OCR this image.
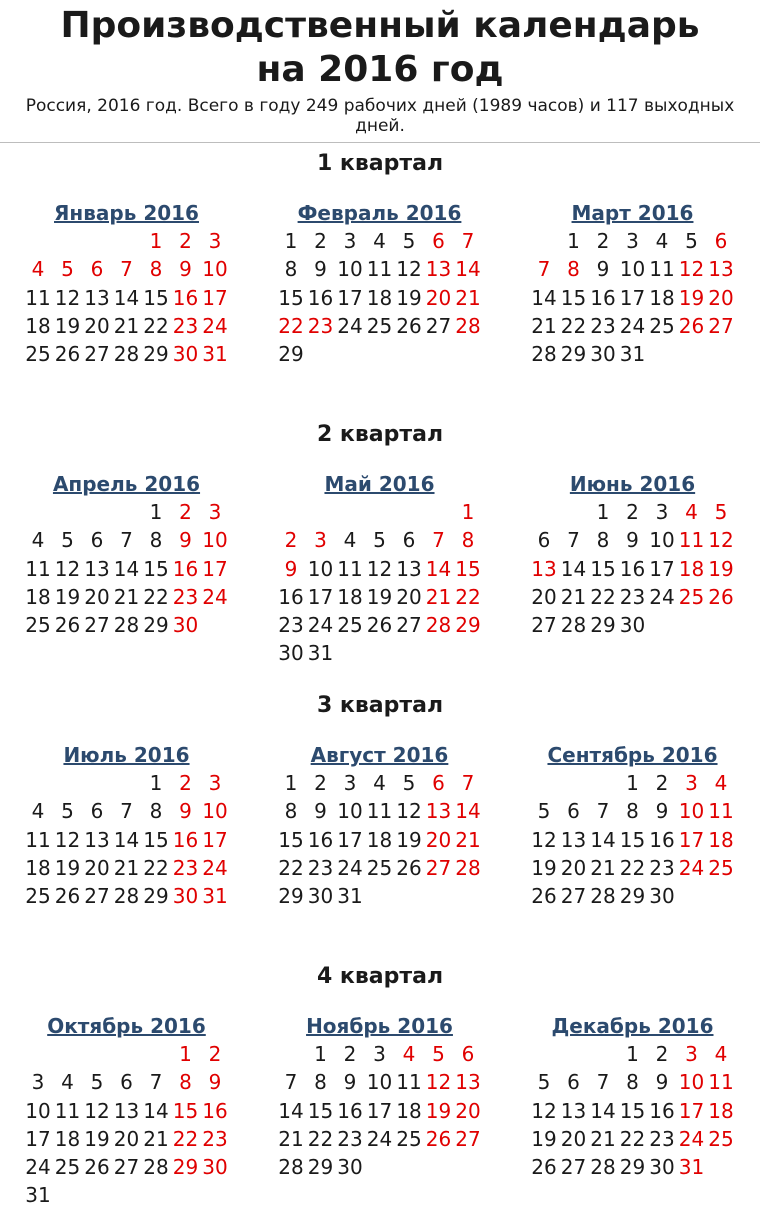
Производственный календарь
на 2016 год
Россия, 2016 год. Всего в году 249 рабочих дней (1989 часов) и 117 выходных дней.
1 квартал
Январь 2016
1 2 3
4 5 6 7 8 9 10
11 12 13 14 15 16 17
18 19 20 21 22 23 24
25 26 27 28 29 30 31
Февраль 2016
1 2 3 4 5 6 7
8 9 10 11 12 13 14
15 16 17 18 19 20 21
22 23 24 25 26 27 28
29
Март 2016
1 2 3 4 5 6
7 8 9 10 11 12 13
14 15 16 17 18 19 20
21 22 23 24 25 26 27
28 29 30 31
2 квартал
Апрель 2016
1 2 3
4 5 6 7 8 9 10
11 12 13 14 15 16 17
18 19 20 21 22 23 24
25 26 27 28 29 30
Май 2016
1
2 3 4 5 6 7 8
9 10 11 12 13 14 15
16 17 18 19 20 21 22
23 24 25 26 27 28 29
30 31
Июнь 2016
1 2 3 4 5
6 7 8 9 10 11 12
13 14 15 16 17 18 19
20 21 22 23 24 25 26
27 28 29 30
3 квартал
Июль 2016
1 2 3
4 5 6 7 8 9 10
11 12 13 14 15 16 17
18 19 20 21 22 23 24
25 26 27 28 29 30 31
Август 2016
1 2 3 4 5 6 7
8 9 10 11 12 13 14
15 16 17 18 19 20 21
22 23 24 25 26 27 28
29 30 31
Сентябрь 2016
1 2 3 4
5 6 7 8 9 10 11
12 13 14 15 16 17 18
19 20 21 22 23 24 25
26 27 28 29 30
4 квартал
Октябрь 2016
1 2
3 4 5 6 7 8 9
10 11 12 13 14 15 16
17 18 19 20 21 22 23
24 25 26 27 28 29 30
31
Ноябрь 2016
1 2 3 4 5 6
7 8 9 10 11 12 13
14 15 16 17 18 19 20
21 22 23 24 25 26 27
28 29 30
Декабрь 2016
1 2 3 4
5 6 7 8 9 10 11
12 13 14 15 16 17 18
19 20 21 22 23 24 25
26 27 28 29 30 31
